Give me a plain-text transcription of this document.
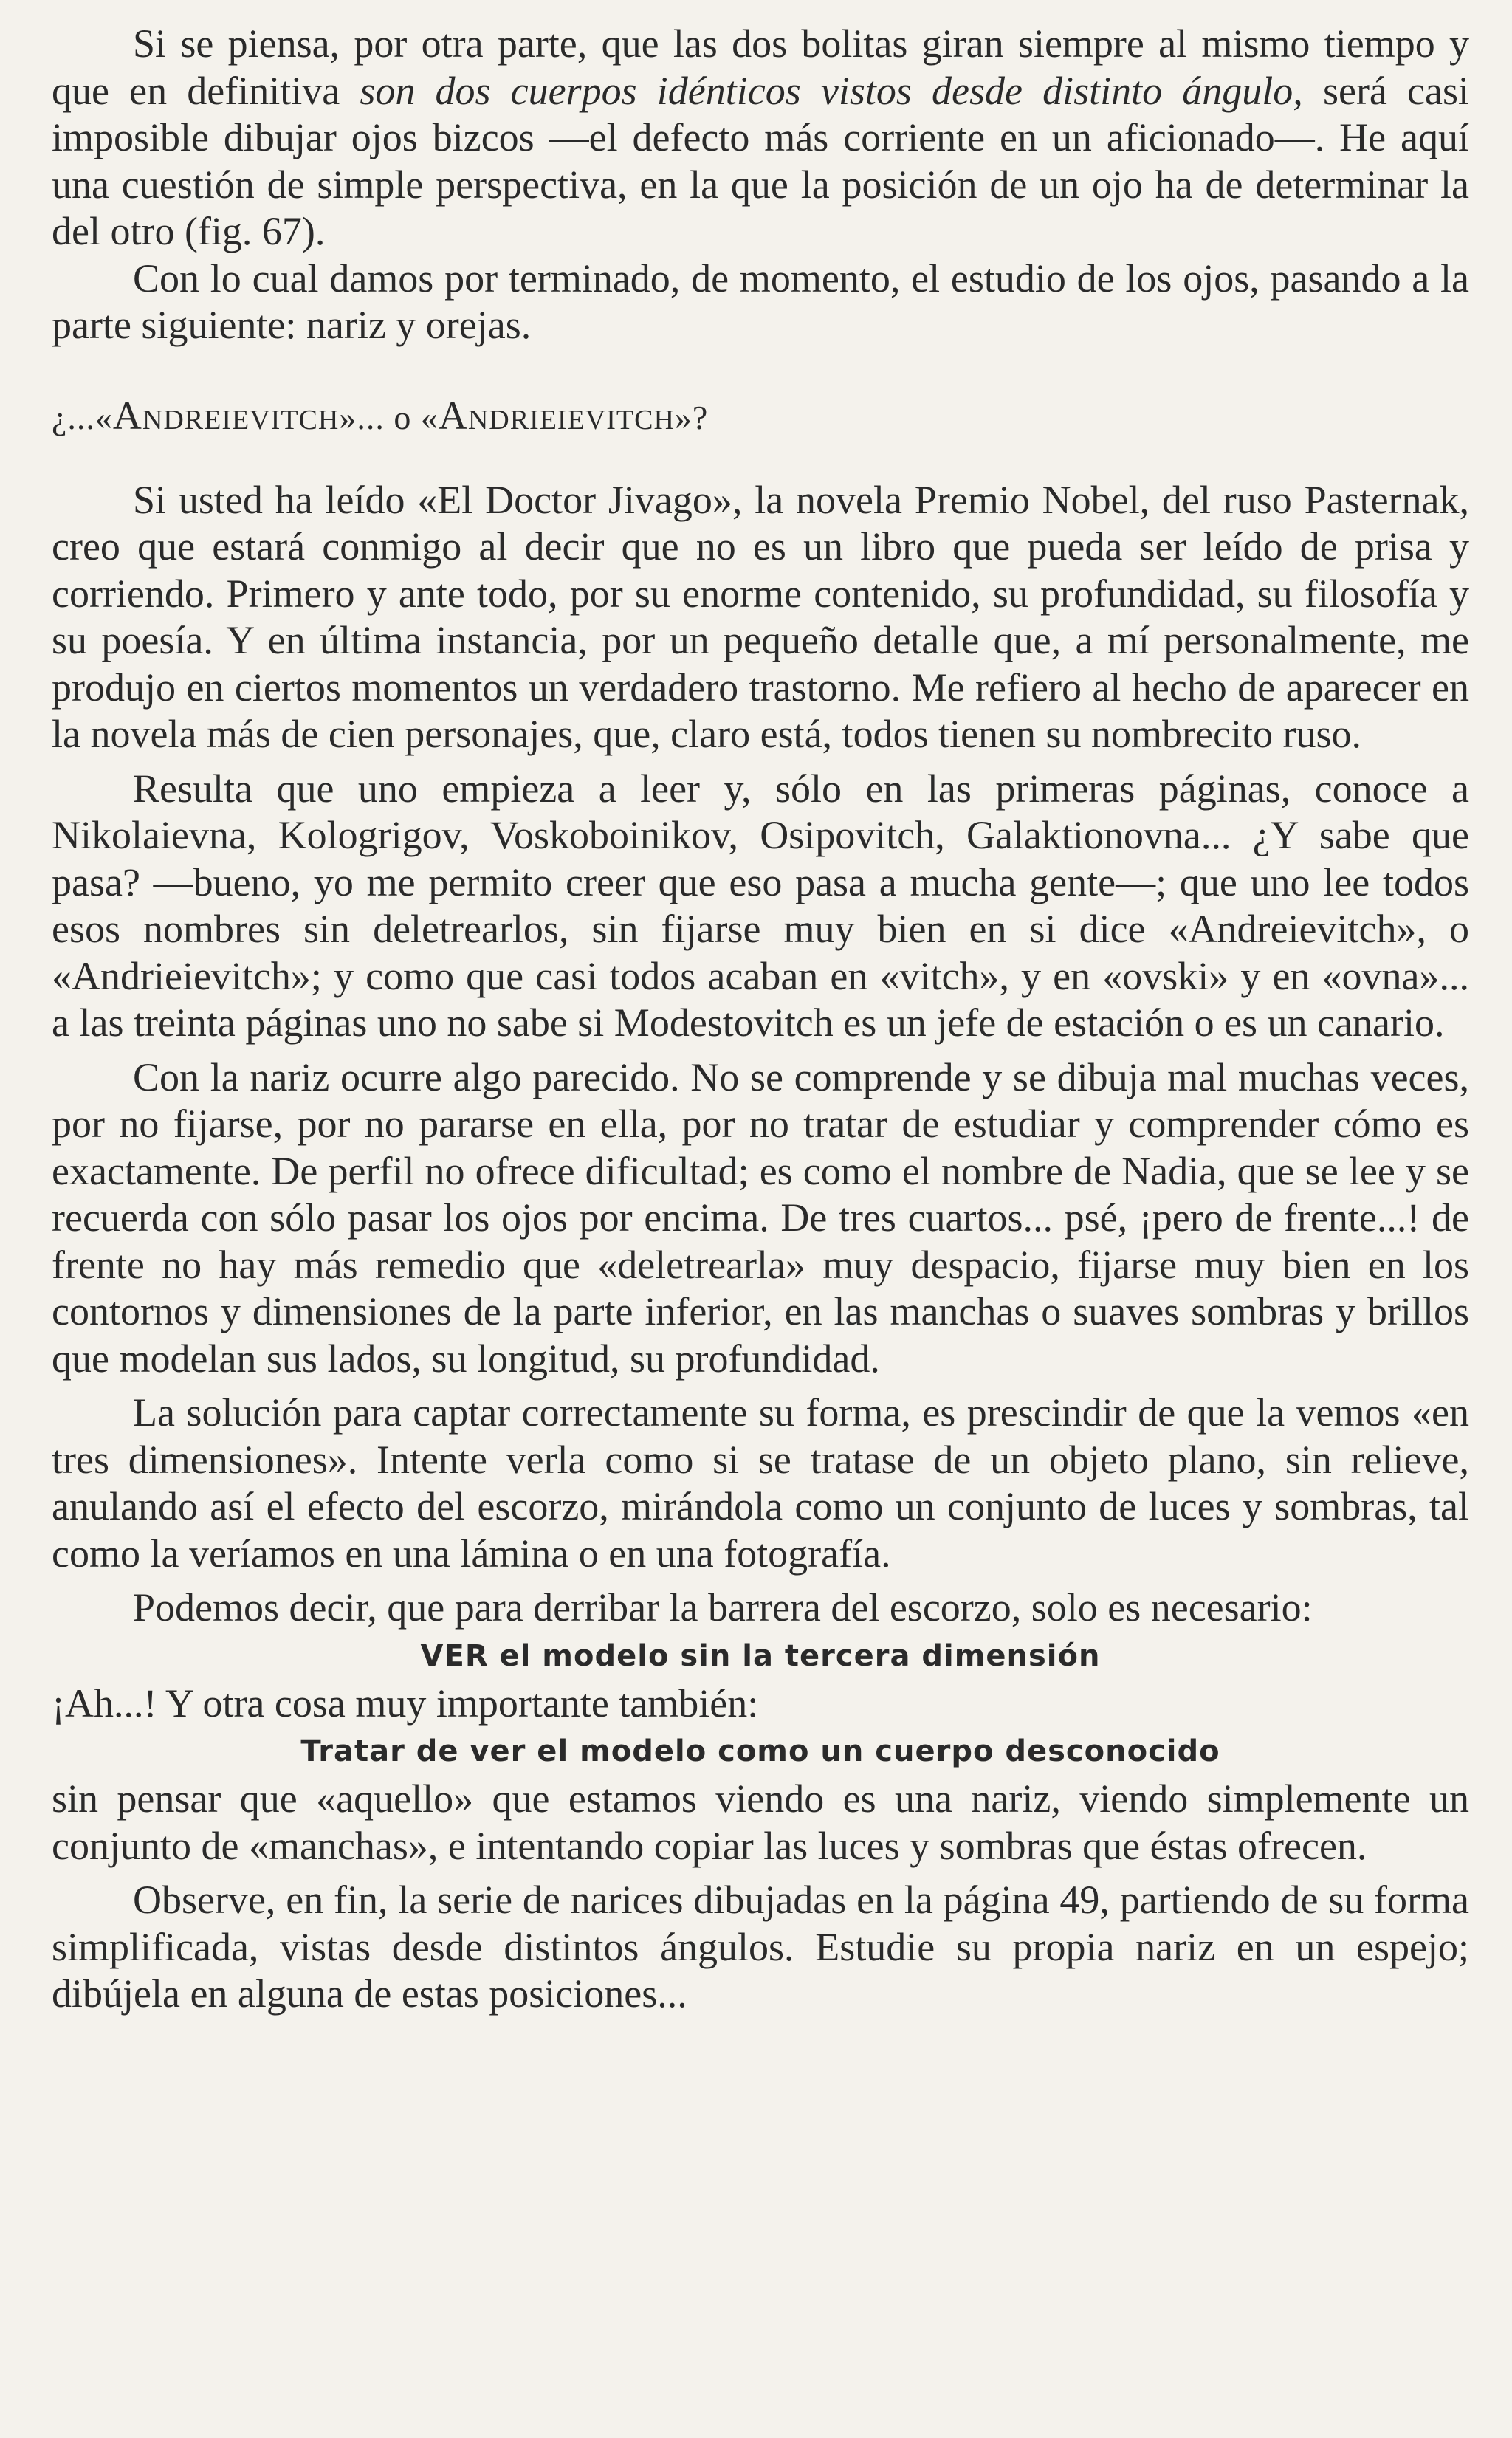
Si se piensa, por otra parte, que las dos bolitas giran siempre al mismo tiempo y que en definitiva son dos cuerpos idénticos vistos desde distinto ángulo, será casi imposible dibujar ojos bizcos —el defecto más corriente en un aficionado—. He aquí una cuestión de simple perspectiva, en la que la posición de un ojo ha de determinar la del otro (fig. 67).

Con lo cual damos por terminado, de momento, el estudio de los ojos, pasando a la parte siguiente: nariz y orejas.

¿...«Andreievitch»... o «Andrieievitch»?

Si usted ha leído «El Doctor Jivago», la novela Premio Nobel, del ruso Pasternak, creo que estará conmigo al decir que no es un libro que pueda ser leído de prisa y corriendo. Primero y ante todo, por su enorme contenido, su profundidad, su filosofía y su poesía. Y en última instancia, por un pequeño detalle que, a mí personalmente, me produjo en ciertos momentos un verdadero trastorno. Me refiero al hecho de aparecer en la novela más de cien personajes, que, claro está, todos tienen su nombrecito ruso.

Resulta que uno empieza a leer y, sólo en las primeras páginas, conoce a Nikolaievna, Kologrigov, Voskoboinikov, Osipovitch, Galaktionovna... ¿Y sabe que pasa? —bueno, yo me permito creer que eso pasa a mucha gente—; que uno lee todos esos nombres sin deletrearlos, sin fijarse muy bien en si dice «Andreievitch», o «Andrieievitch»; y como que casi todos acaban en «vitch», y en «ovski» y en «ovna»... a las treinta páginas uno no sabe si Modestovitch es un jefe de estación o es un canario.

Con la nariz ocurre algo parecido. No se comprende y se dibuja mal muchas veces, por no fijarse, por no pararse en ella, por no tratar de estudiar y comprender cómo es exactamente. De perfil no ofrece dificultad; es como el nombre de Nadia, que se lee y se recuerda con sólo pasar los ojos por encima. De tres cuartos... psé, ¡pero de frente...! de frente no hay más remedio que «deletrearla» muy despacio, fijarse muy bien en los contornos y dimensiones de la parte inferior, en las manchas o suaves sombras y brillos que modelan sus lados, su longitud, su profundidad.

La solución para captar correctamente su forma, es prescindir de que la vemos «en tres dimensiones». Intente verla como si se tratase de un objeto plano, sin relieve, anulando así el efecto del escorzo, mirándola como un conjunto de luces y sombras, tal como la veríamos en una lámina o en una fotografía.

Podemos decir, que para derribar la barrera del escorzo, solo es necesario:

VER el modelo sin la tercera dimensión

¡Ah...! Y otra cosa muy importante también:

Tratar de ver el modelo como un cuerpo desconocido

sin pensar que «aquello» que estamos viendo es una nariz, viendo simplemente un conjunto de «manchas», e intentando copiar las luces y sombras que éstas ofrecen.

Observe, en fin, la serie de narices dibujadas en la página 49, partiendo de su forma simplificada, vistas desde distintos ángulos. Estudie su propia nariz en un espejo; dibújela en alguna de estas posiciones...
